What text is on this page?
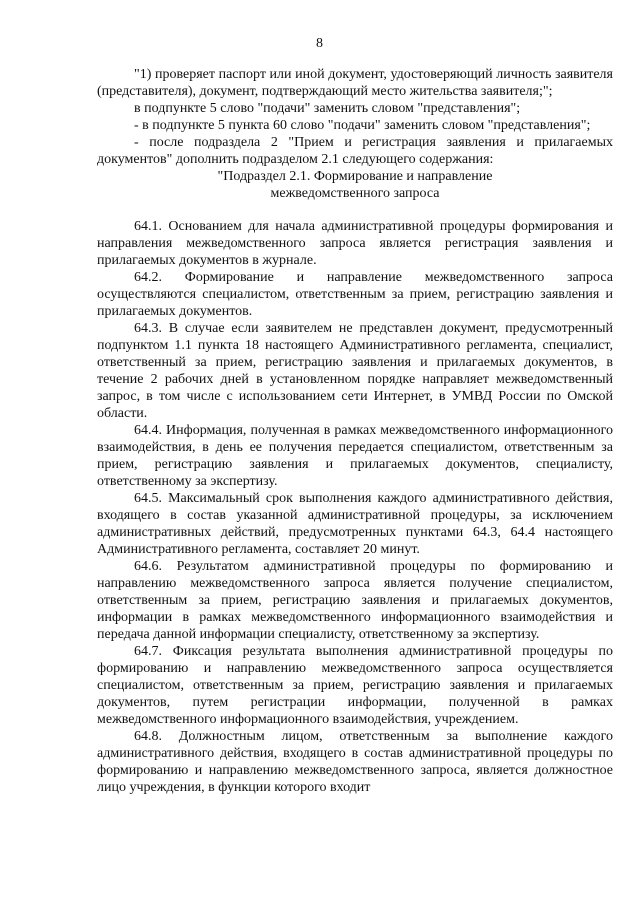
8

"1) проверяет паспорт или иной документ, удостоверяющий личность заявителя (представителя), документ, подтверждающий место жительства заявителя;";

в подпункте 5 слово "подачи" заменить словом "представления";

- в подпункте 5 пункта 60 слово "подачи" заменить словом "представления";

- после подраздела 2 "Прием и регистрация заявления и прилагаемых документов" дополнить подразделом 2.1 следующего содержания:

"Подраздел 2.1. Формирование и направление

межведомственного запроса

64.1. Основанием для начала административной процедуры формирования и направления межведомственного запроса является регистрация заявления и прилагаемых документов в журнале.

64.2. Формирование и направление межведомственного запроса осуществляются специалистом, ответственным за прием, регистрацию заявления и прилагаемых документов.

64.3. В случае если заявителем не представлен документ, предусмотренный подпунктом 1.1 пункта 18 настоящего Административного регламента, специалист, ответственный за прием, регистрацию заявления и прилагаемых документов, в течение 2 рабочих дней в установленном порядке направляет межведомственный запрос, в том числе с использованием сети Интернет, в УМВД России по Омской области.

64.4. Информация, полученная в рамках межведомственного информационного взаимодействия, в день ее получения передается специалистом, ответственным за прием, регистрацию заявления и прилагаемых документов, специалисту, ответственному за экспертизу.

64.5. Максимальный срок выполнения каждого административного действия, входящего в состав указанной административной процедуры, за исключением административных действий, предусмотренных пунктами 64.3, 64.4 настоящего Административного регламента, составляет 20 минут.

64.6. Результатом административной процедуры по формированию и направлению межведомственного запроса является получение специалистом, ответственным за прием, регистрацию заявления и прилагаемых документов, информации в рамках межведомственного информационного взаимодействия и передача данной информации специалисту, ответственному за экспертизу.

64.7. Фиксация результата выполнения административной процедуры по формированию и направлению межведомственного запроса осуществляется специалистом, ответственным за прием, регистрацию заявления и прилагаемых документов, путем регистрации информации, полученной в рамках межведомственного информационного взаимодействия, учреждением.

64.8. Должностным лицом, ответственным за выполнение каждого административного действия, входящего в состав административной процедуры по формированию и направлению межведомственного запроса, является должностное лицо учреждения, в функции которого входит
